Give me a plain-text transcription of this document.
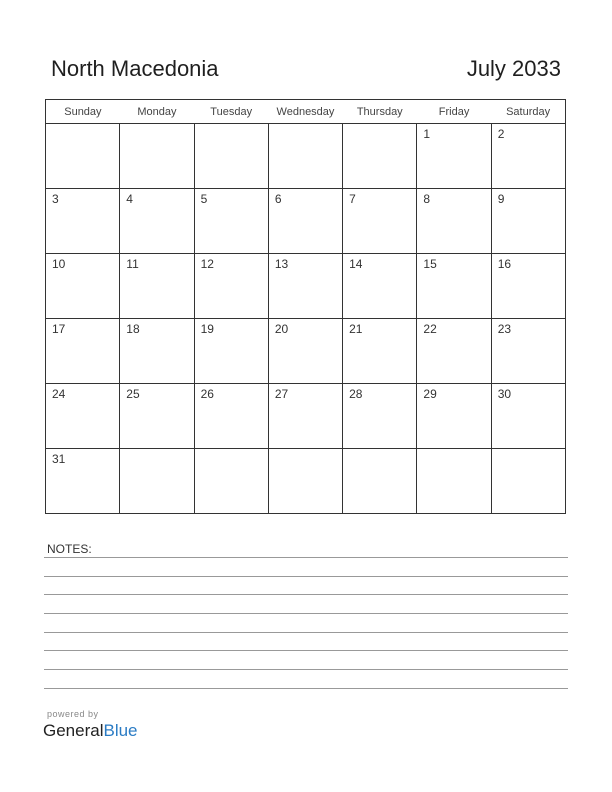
North Macedonia	July 2033
Sunday	Monday	Tuesday	Wednesday	Thursday	Friday	Saturday

					1	2

3	4	5	6	7	8	9

10	11	12	13	14	15	16

17	18	19	20	21	22	23

24	25	26	27	28	29	30

31						

NOTES:
powered by
GeneralBlue
